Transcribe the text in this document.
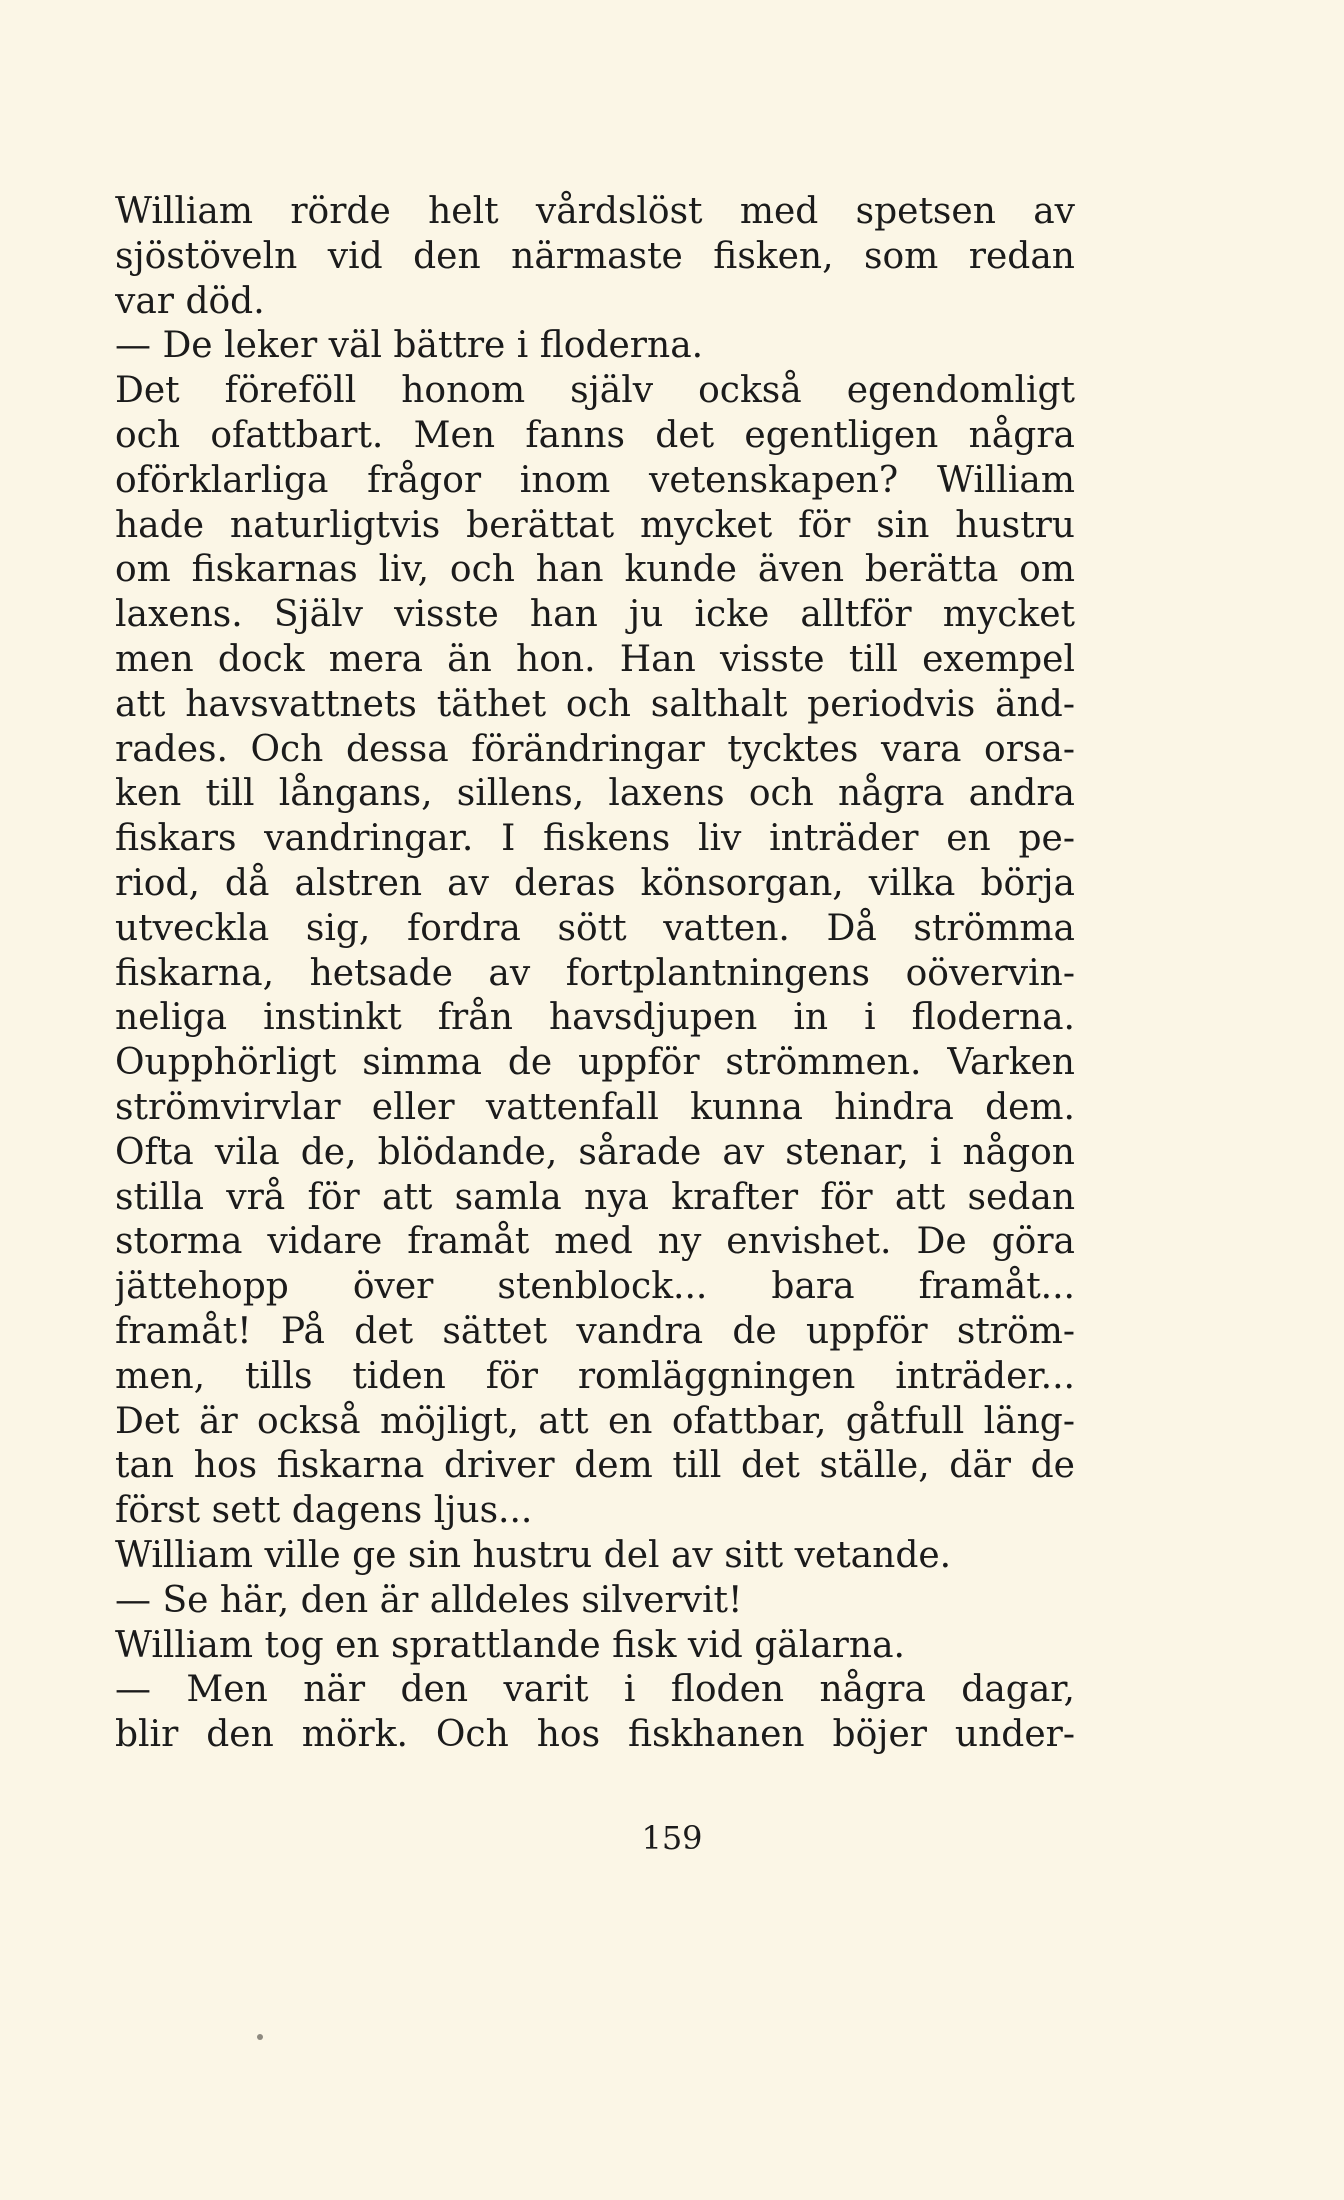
William rörde helt vårdslöst med spetsen av
sjöstöveln vid den närmaste fisken, som redan
var död.
— De leker väl bättre i floderna.
Det föreföll honom själv också egendomligt
och ofattbart. Men fanns det egentligen några
oförklarliga frågor inom vetenskapen? William
hade naturligtvis berättat mycket för sin hustru
om fiskarnas liv, och han kunde även berätta om
laxens. Själv visste han ju icke alltför mycket
men dock mera än hon. Han visste till exempel
att havsvattnets täthet och salthalt periodvis änd-
rades. Och dessa förändringar tycktes vara orsa-
ken till långans, sillens, laxens och några andra
fiskars vandringar. I fiskens liv inträder en pe-
riod, då alstren av deras könsorgan, vilka börja
utveckla sig, fordra sött vatten. Då strömma
fiskarna, hetsade av fortplantningens oövervin-
neliga instinkt från havsdjupen in i floderna.
Oupphörligt simma de uppför strömmen. Varken
strömvirvlar eller vattenfall kunna hindra dem.
Ofta vila de, blödande, sårade av stenar, i någon
stilla vrå för att samla nya krafter för att sedan
storma vidare framåt med ny envishet. De göra
jättehopp över stenblock... bara framåt...
framåt! På det sättet vandra de uppför ström-
men, tills tiden för romläggningen inträder...
Det är också möjligt, att en ofattbar, gåtfull läng-
tan hos fiskarna driver dem till det ställe, där de
först sett dagens ljus...
William ville ge sin hustru del av sitt vetande.
— Se här, den är alldeles silvervit!
William tog en sprattlande fisk vid gälarna.
— Men när den varit i floden några dagar,
blir den mörk. Och hos fiskhanen böjer under-
159
